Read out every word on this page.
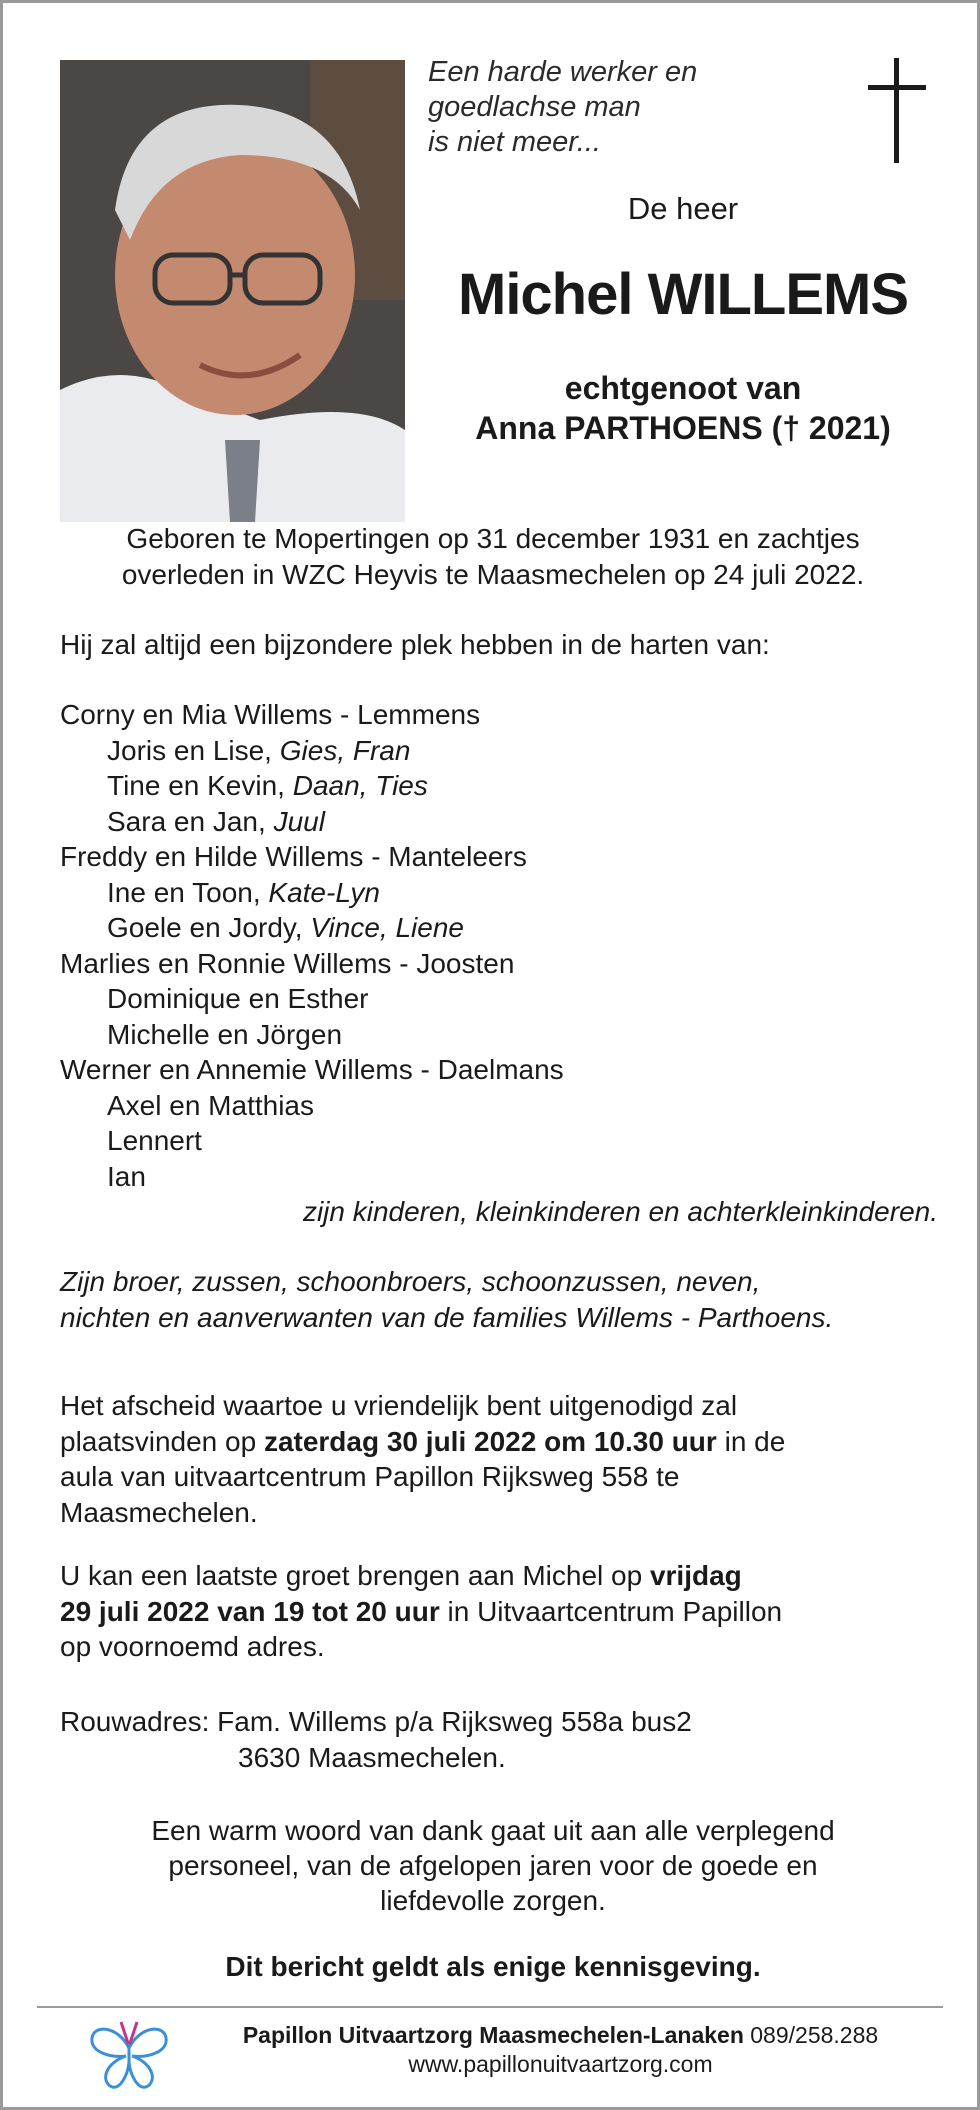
Een harde werker en
goedlachse man
is niet meer...
De heer
Michel WILLEMS
echtgenoot van
Anna PARTHOENS († 2021)
Geboren te Mopertingen op 31 december 1931 en zachtjes
overleden in WZC Heyvis te Maasmechelen op 24 juli 2022.
Hij zal altijd een bijzondere plek hebben in de harten van:
Corny en Mia Willems - Lemmens
Joris en Lise, Gies, Fran
Tine en Kevin, Daan, Ties
Sara en Jan, Juul
Freddy en Hilde Willems - Manteleers
Ine en Toon, Kate-Lyn
Goele en Jordy, Vince, Liene
Marlies en Ronnie Willems - Joosten
Dominique en Esther
Michelle en Jörgen
Werner en Annemie Willems - Daelmans
Axel en Matthias
Lennert
Ian
zijn kinderen, kleinkinderen en achterkleinkinderen.
Zijn broer, zussen, schoonbroers, schoonzussen, neven,
nichten en aanverwanten van de families Willems - Parthoens.
Het afscheid waartoe u vriendelijk bent uitgenodigd zal
plaatsvinden op zaterdag 30 juli 2022 om 10.30 uur in de
aula van uitvaartcentrum Papillon Rijksweg 558 te
Maasmechelen.
U kan een laatste groet brengen aan Michel op vrijdag
29 juli 2022 van 19 tot 20 uur in Uitvaartcentrum Papillon
op voornoemd adres.
Rouwadres: Fam. Willems p/a Rijksweg 558a bus2
3630 Maasmechelen.
Een warm woord van dank gaat uit aan alle verplegend
personeel, van de afgelopen jaren voor de goede en
liefdevolle zorgen.
Dit bericht geldt als enige kennisgeving.
Papillon Uitvaartzorg Maasmechelen-Lanaken 089/258.288
www.papillonuitvaartzorg.com
